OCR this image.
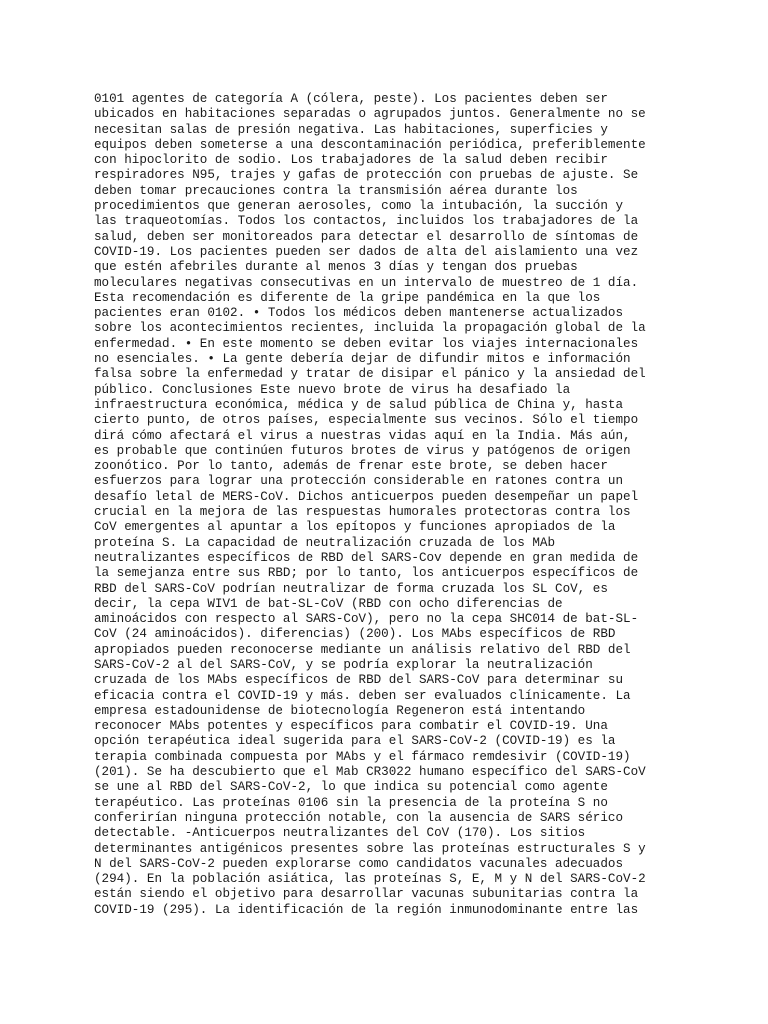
0101 agentes de categoría A (cólera, peste). Los pacientes deben ser
ubicados en habitaciones separadas o agrupados juntos. Generalmente no se
necesitan salas de presión negativa. Las habitaciones, superficies y
equipos deben someterse a una descontaminación periódica, preferiblemente
con hipoclorito de sodio. Los trabajadores de la salud deben recibir
respiradores N95, trajes y gafas de protección con pruebas de ajuste. Se
deben tomar precauciones contra la transmisión aérea durante los
procedimientos que generan aerosoles, como la intubación, la succión y
las traqueotomías. Todos los contactos, incluidos los trabajadores de la
salud, deben ser monitoreados para detectar el desarrollo de síntomas de
COVID-19. Los pacientes pueden ser dados de alta del aislamiento una vez
que estén afebriles durante al menos 3 días y tengan dos pruebas
moleculares negativas consecutivas en un intervalo de muestreo de 1 día.
Esta recomendación es diferente de la gripe pandémica en la que los
pacientes eran 0102. • Todos los médicos deben mantenerse actualizados
sobre los acontecimientos recientes, incluida la propagación global de la
enfermedad. • En este momento se deben evitar los viajes internacionales
no esenciales. • La gente debería dejar de difundir mitos e información
falsa sobre la enfermedad y tratar de disipar el pánico y la ansiedad del
público. Conclusiones Este nuevo brote de virus ha desafiado la
infraestructura económica, médica y de salud pública de China y, hasta
cierto punto, de otros países, especialmente sus vecinos. Sólo el tiempo
dirá cómo afectará el virus a nuestras vidas aquí en la India. Más aún,
es probable que continúen futuros brotes de virus y patógenos de origen
zoonótico. Por lo tanto, además de frenar este brote, se deben hacer
esfuerzos para lograr una protección considerable en ratones contra un
desafío letal de MERS-CoV. Dichos anticuerpos pueden desempeñar un papel
crucial en la mejora de las respuestas humorales protectoras contra los
CoV emergentes al apuntar a los epítopos y funciones apropiados de la
proteína S. La capacidad de neutralización cruzada de los MAb
neutralizantes específicos de RBD del SARS-Cov depende en gran medida de
la semejanza entre sus RBD; por lo tanto, los anticuerpos específicos de
RBD del SARS-CoV podrían neutralizar de forma cruzada los SL CoV, es
decir, la cepa WIV1 de bat-SL-CoV (RBD con ocho diferencias de
aminoácidos con respecto al SARS-CoV), pero no la cepa SHC014 de bat-SL-
CoV (24 aminoácidos). diferencias) (200). Los MAbs específicos de RBD
apropiados pueden reconocerse mediante un análisis relativo del RBD del
SARS-CoV-2 al del SARS-CoV, y se podría explorar la neutralización
cruzada de los MAbs específicos de RBD del SARS-CoV para determinar su
eficacia contra el COVID-19 y más. deben ser evaluados clínicamente. La
empresa estadounidense de biotecnología Regeneron está intentando
reconocer MAbs potentes y específicos para combatir el COVID-19. Una
opción terapéutica ideal sugerida para el SARS-CoV-2 (COVID-19) es la
terapia combinada compuesta por MAbs y el fármaco remdesivir (COVID-19)
(201). Se ha descubierto que el Mab CR3022 humano específico del SARS-CoV
se une al RBD del SARS-CoV-2, lo que indica su potencial como agente
terapéutico. Las proteínas 0106 sin la presencia de la proteína S no
conferirían ninguna protección notable, con la ausencia de SARS sérico
detectable. -Anticuerpos neutralizantes del CoV (170). Los sitios
determinantes antigénicos presentes sobre las proteínas estructurales S y
N del SARS-CoV-2 pueden explorarse como candidatos vacunales adecuados
(294). En la población asiática, las proteínas S, E, M y N del SARS-CoV-2
están siendo el objetivo para desarrollar vacunas subunitarias contra la
COVID-19 (295). La identificación de la región inmunodominante entre las
